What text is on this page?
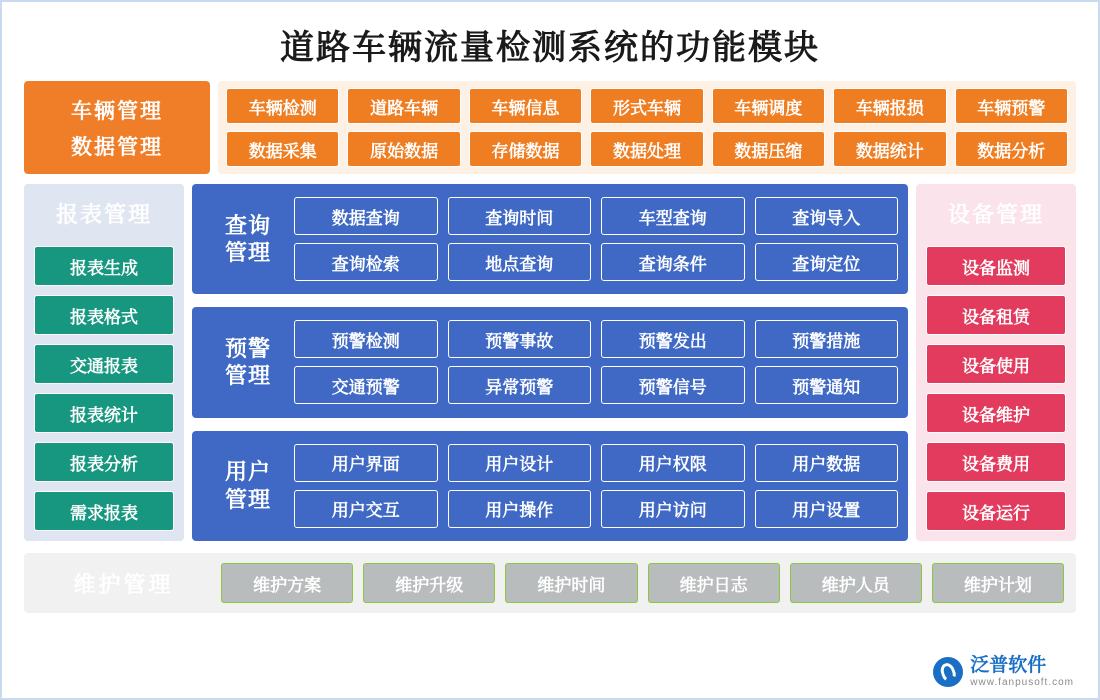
道路车辆流量检测系统的功能模块
车辆管理
数据管理
车辆检测	道路车辆	车辆信息	形式车辆	车辆调度	车辆报损	车辆预警
数据采集	原始数据	存储数据	数据处理	数据压缩	数据统计	数据分析
报表管理
报表生成
报表格式
交通报表
报表统计
报表分析
需求报表
查询
管理
数据查询	查询时间	车型查询	查询导入
查询检索	地点查询	查询条件	查询定位
预警
管理
预警检测	预警事故	预警发出	预警措施
交通预警	异常预警	预警信号	预警通知
用户
管理
用户界面	用户设计	用户权限	用户数据
用户交互	用户操作	用户访问	用户设置
设备管理
设备监测
设备租赁
设备使用
设备维护
设备费用
设备运行
维护管理	维护方案	维护升级	维护时间	维护日志	维护人员	维护计划
泛普软件
www.fanpusoft.com
